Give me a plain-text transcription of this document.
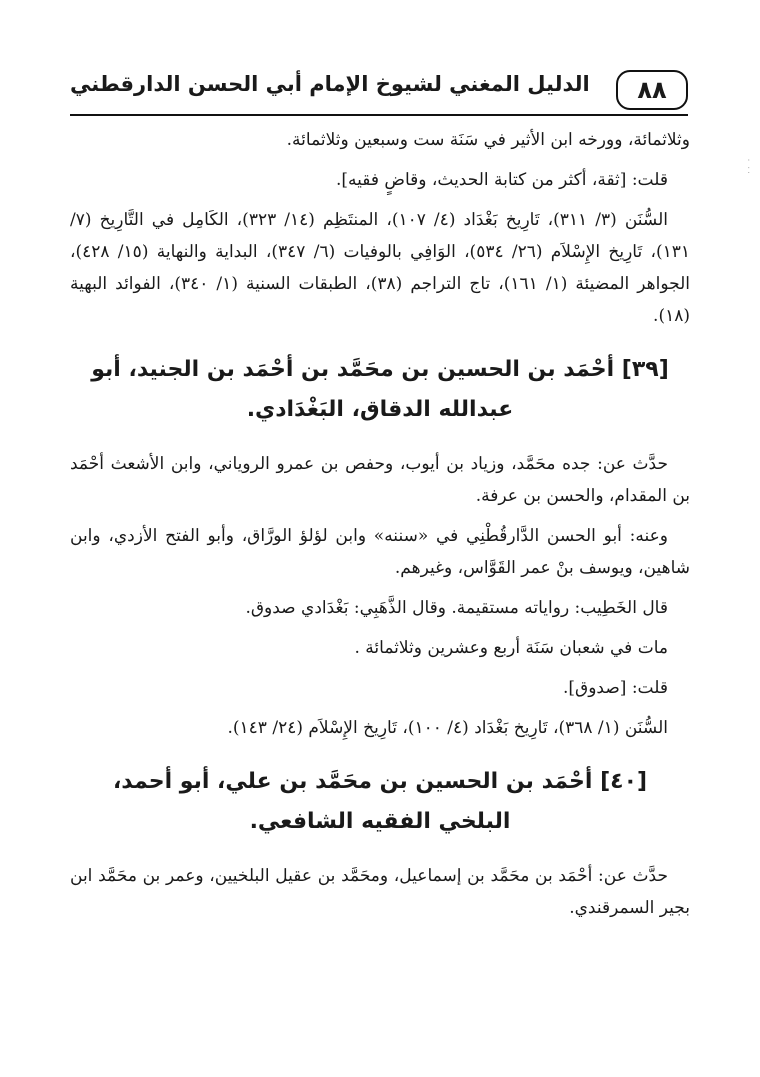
٨٨
الدليل المغني لشيوخ الإمام أبي الحسن الدارقطني

وثلاثمائة، وورخه ابن الأثير في سَنَة ست وسبعين وثلاثمائة.

قلت: [ثقة، أكثر من كتابة الحديث، وقاضٍ فقيه].

السُّنَن (٣/ ٣١١)، تَارِيخ بَغْدَاد (٤/ ١٠٧)، المنتَظِم (١٤/ ٣٢٣)، الكَامِل في التَّارِيخ (٧/ ١٣١)، تَارِيخ الإِسْلاَم (٢٦/ ٥٣٤)، الوَافِي بالوفيات (٦/ ٣٤٧)، البداية والنهاية (١٥/ ٤٢٨)، الجواهر المضيئة (١/ ١٦١)، تاج التراجم (٣٨)، الطبقات السنية (١/ ٣٤٠)، الفوائد البهية (١٨).

[٣٩] أحْمَد بن الحسين بن محَمَّد بن أحْمَد بن الجنيد، أبو عبدالله الدقاق، البَغْدَادي.

حدَّث عن: جده محَمَّد، وزياد بن أيوب، وحفص بن عمرو الروياني، وابن الأشعث أحْمَد بن المقدام، والحسن بن عرفة.

وعنه: أبو الحسن الدَّارقُطْنِي في «سننه» وابن لؤلؤ الورَّاق، وأبو الفتح الأزدي، وابن شاهين، ويوسف بنْ عمر القَوَّاس، وغيرهم.

قال الخَطِيب: رواياته مستقيمة. وقال الذَّهَبِي: بَغْدَادي صدوق.

مات في شعبان سَنَة أربع وعشرين وثلاثمائة .

قلت: [صدوق].

السُّنَن (١/ ٣٦٨)، تَارِيخ بَغْدَاد (٤/ ١٠٠)، تَارِيخ الإِسْلاَم (٢٤/ ١٤٣).

[٤٠] أحْمَد بن الحسين بن محَمَّد بن علي، أبو أحمد، البلخي الفقيه الشافعي.

حدَّث عن: أحْمَد بن محَمَّد بن إسماعيل، ومحَمَّد بن عقيل البلخيين، وعمر بن محَمَّد ابن بجير السمرقندي.

·
⁚
